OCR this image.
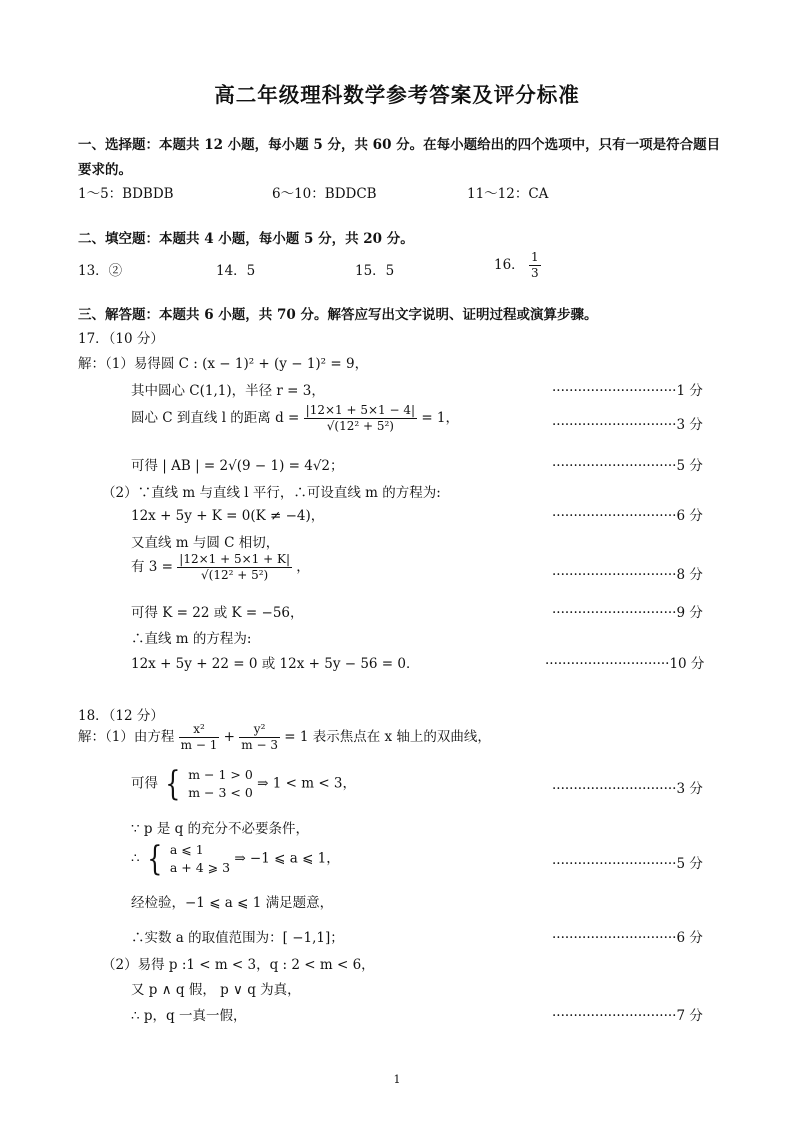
高二年级理科数学参考答案及评分标准
一、选择题：本题共 12 小题，每小题 5 分，共 60 分。在每小题给出的四个选项中，只有一项是符合题目
要求的。
1～5：BDBDB	6～10：BDDCB	11～12：CA
二、填空题：本题共 4 小题，每小题 5 分，共 20 分。
13．②	14．5	15．5	16． $\frac{1}{3}$
三、解答题：本题共 6 小题，共 70 分。解答应写出文字说明、证明过程或演算步骤。
17．（10 分）
解：（1）易得圆 C : (x − 1)² + (y − 1)² = 9，
其中圆心 C(1,1)，半径 r = 3，	·····························1 分
圆心 C 到直线 l 的距离 $d = \frac{|12\times 1 + 5\times 1 - 4|}{\text{√(12² + 5²)}} = 1$，	·····························3 分
可得 | AB | = 2√(9 − 1) = 4√2；	·····························5 分
（2）∵直线 m 与直线 l 平行，∴可设直线 m 的方程为:
12x + 5y + K = 0(K ≠ −4)，	·····························6 分
又直线 m 与圆 C 相切，
有 $3 = \frac{|12\times 1 + 5\times 1 + K|}{\text{√(12² + 5²)}}$ ，	·····························8 分
可得 K = 22 或 K = −56，	·····························9 分
∴直线 m 的方程为:
12x + 5y + 22 = 0 或 12x + 5y − 56 = 0．	·····························10 分
18．（12 分）
解：（1）由方程 $\frac{\text{x²}}{m - 1} + \frac{\text{y²}}{m - 3} = 1$ 表示焦点在 x 轴上的双曲线，
可得 { m − 1 > 0
m − 3 < 0
⇒ 1 < m < 3，	·····························3 分
∵ p 是 q 的充分不必要条件，
∴ { a ⩽ 1
a + 4 ⩾ 3
⇒ −1 ⩽ a ⩽ 1，	·····························5 分
经检验，−1 ⩽ a ⩽ 1 满足题意，
∴实数 a 的取值范围为：[ −1,1]；	·····························6 分
（2）易得 p :1 < m < 3，q : 2 < m < 6，
又 p ∧ q 假， p ∨ q 为真，
∴ p，q 一真一假，	·····························7 分
1
